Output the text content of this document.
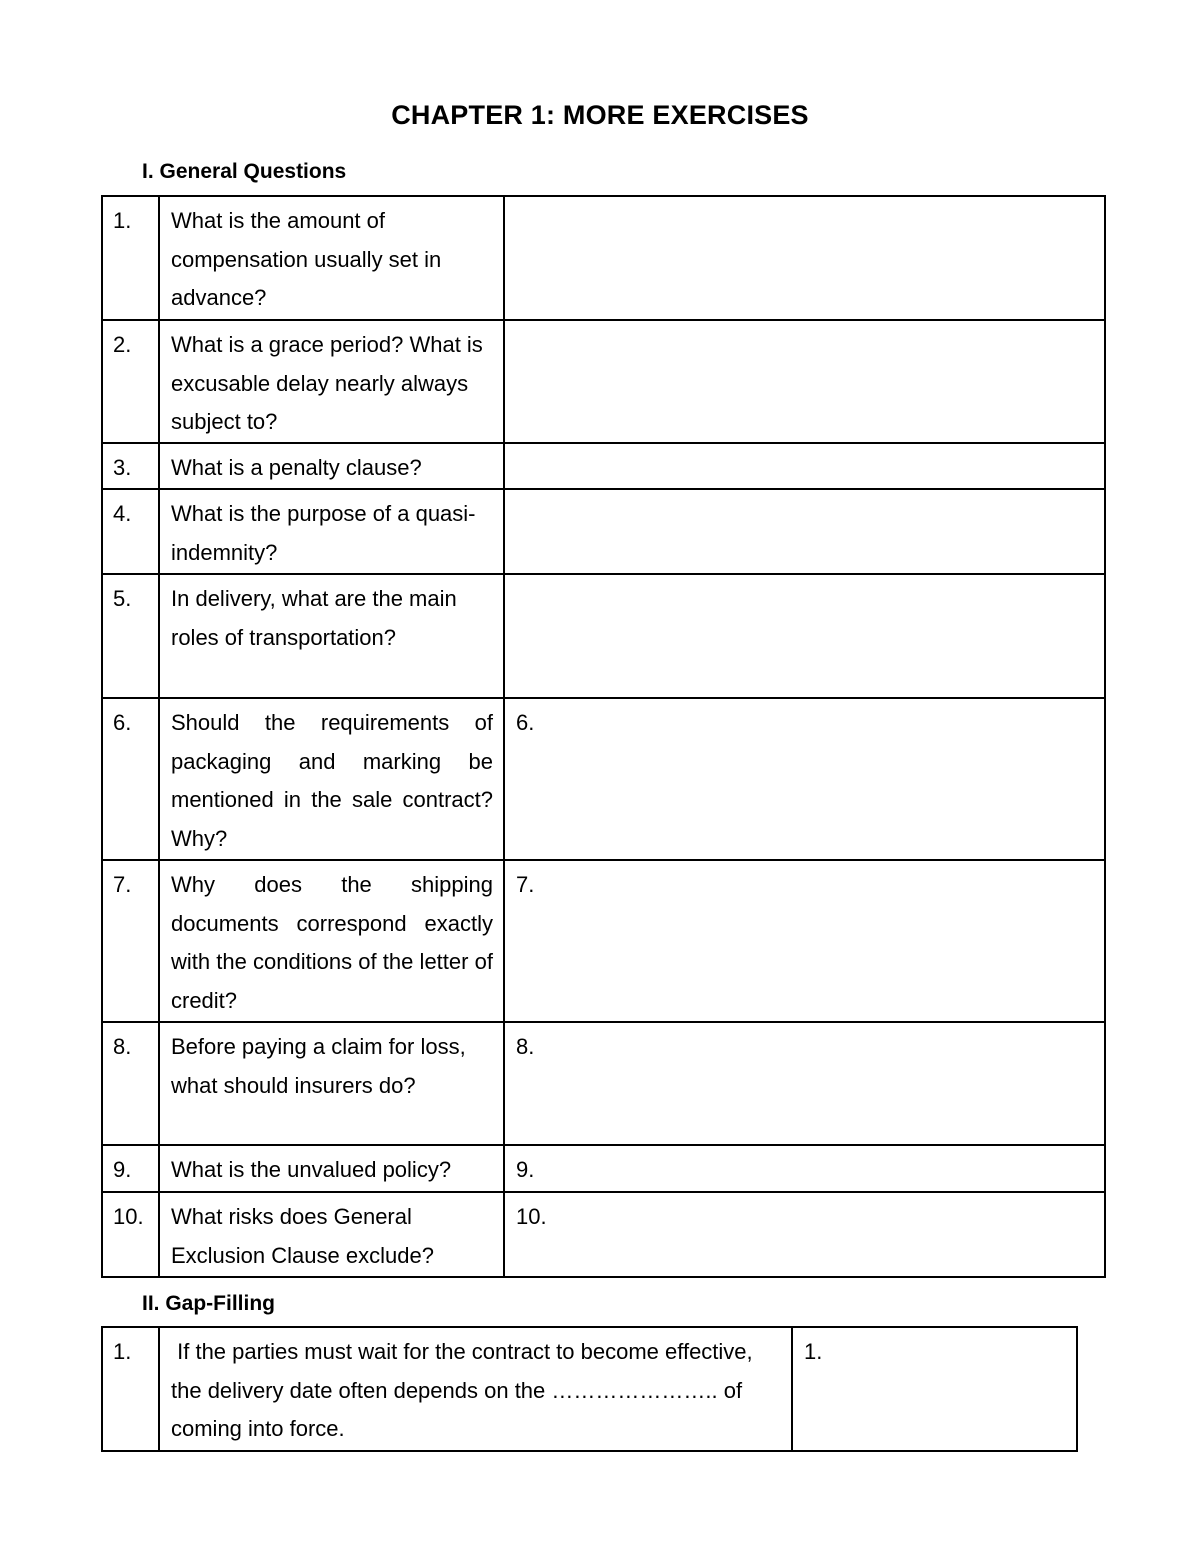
CHAPTER 1: MORE EXERCISES
I. General Questions
1.	What is the amount of compensation usually set in advance?	
2.	What is a grace period? What is excusable delay nearly always subject to?	
3.	What is a penalty clause?	
4.	What is the purpose of a quasi-indemnity?	
5.	In delivery, what are the main roles of transportation?	
6.	Should the requirements of packaging and marking be mentioned in the sale contract? Why?	6.
7.	Why does the shipping documents correspond exactly with the conditions of the letter of credit?	7.
8.	Before paying a claim for loss, what should insurers do?	8.
9.	What is the unvalued policy?	9.
10.	What risks does General Exclusion Clause exclude?	10.
II. Gap-Filling
1.	If the parties must wait for the contract to become effective, the delivery date often depends on the ………………….. of coming into force.	1.
